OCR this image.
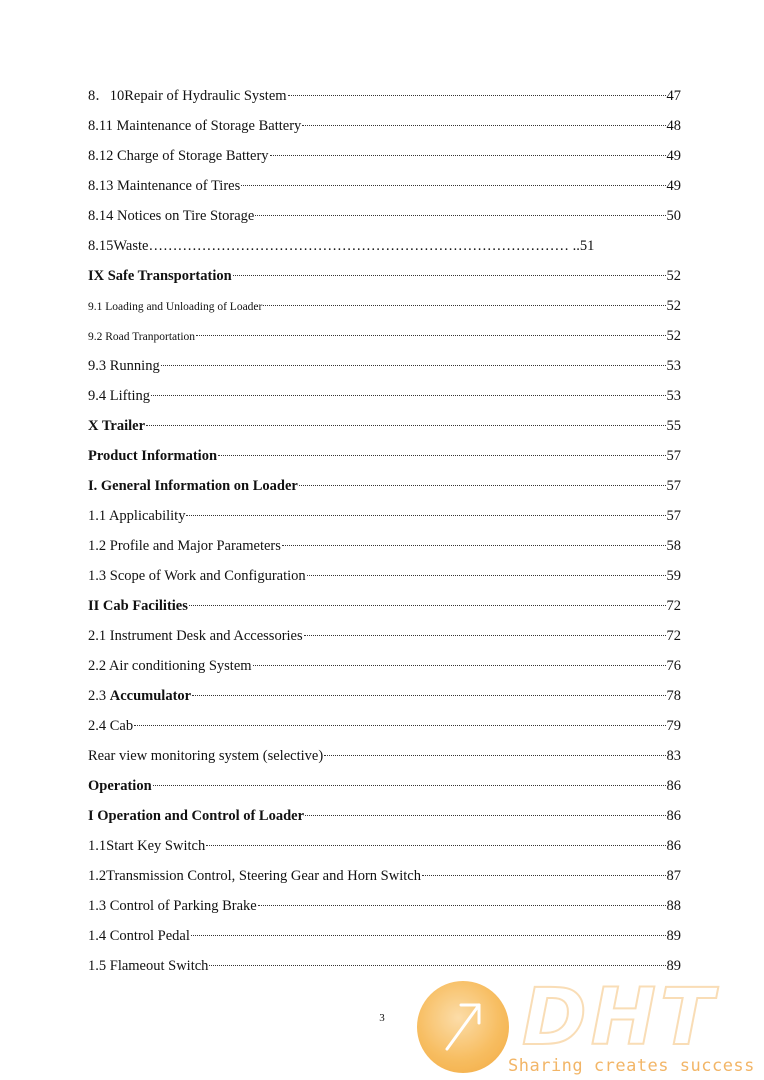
8．10Repair of Hydraulic System	47
8.11 Maintenance of Storage Battery	48
8.12 Charge of Storage Battery	49
8.13 Maintenance of Tires	49
8.14 Notices on Tire Storage	50
8.15Waste…………………………………………………………………………… ..51
IX Safe Transportation	52
9.1 Loading and Unloading of Loader	52
9.2 Road Tranportation	52
9.3 Running	53
9.4 Lifting	53
X Trailer	55
Product Information	57
I. General Information on Loader	57
1.1 Applicability	57
1.2 Profile and Major Parameters	58
1.3 Scope of Work and Configuration	59
II Cab Facilities	72
2.1 Instrument Desk and Accessories	72
2.2 Air conditioning System	76
2.3 Accumulator	78
2.4 Cab	79
Rear view monitoring system (selective)	83
Operation	86
I Operation and Control of Loader	86
1.1Start Key Switch	86
1.2Transmission Control, Steering Gear and Horn Switch	87
1.3 Control of Parking Brake	88
1.4 Control Pedal	89
1.5 Flameout Switch	89
3	DHT
Sharing creates success
